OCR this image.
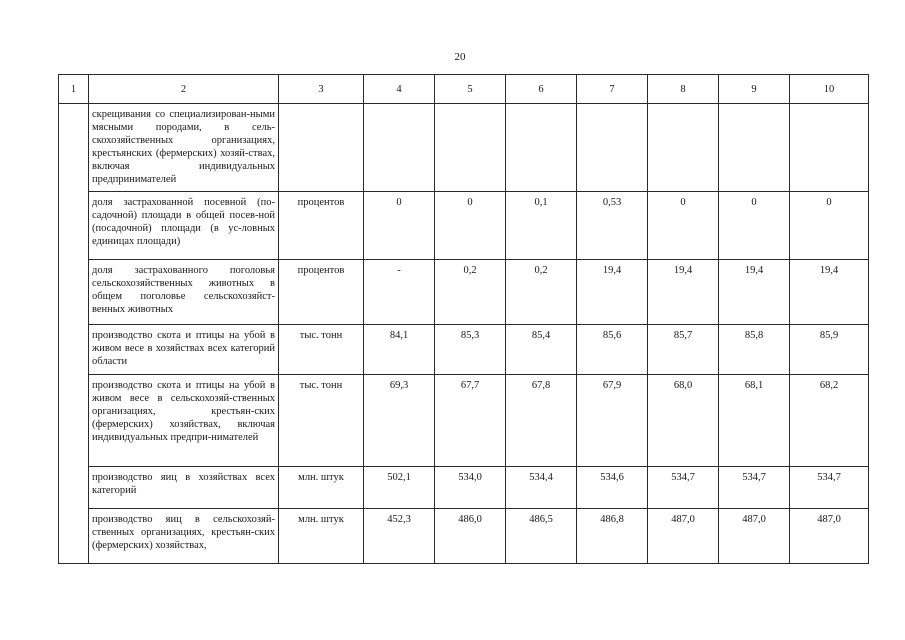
20
1	2	3	4	5	6	7	8	9	10
	скрещивания со специализирован-ными мясными породами, в сель-скохозяйственных организациях, крестьянских (фермерских) хозяй-ствах, включая индивидуальных предпринимателей								
	доля застрахованной посевной (по-садочной) площади в общей посев-ной (посадочной) площади (в ус-ловных единицах площади)	процентов	0	0	0,1	0,53	0	0	0
	доля застрахованного поголовья сельскохозяйственных животных в общем поголовье сельскохозяйст-венных животных	процентов	-	0,2	0,2	19,4	19,4	19,4	19,4
	производство скота и птицы на убой в живом весе в хозяйствах всех категорий области	тыс. тонн	84,1	85,3	85,4	85,6	85,7	85,8	85,9
	производство скота и птицы на убой в живом весе в сельскохозяй-ственных организациях, крестьян-ских (фермерских) хозяйствах, включая индивидуальных предпри-нимателей	тыс. тонн	69,3	67,7	67,8	67,9	68,0	68,1	68,2
	производство яиц в хозяйствах всех категорий	млн. штук	502,1	534,0	534,4	534,6	534,7	534,7	534,7
	производство яиц в сельскохозяй-ственных организациях, крестьян-ских (фермерских) хозяйствах,	млн. штук	452,3	486,0	486,5	486,8	487,0	487,0	487,0
